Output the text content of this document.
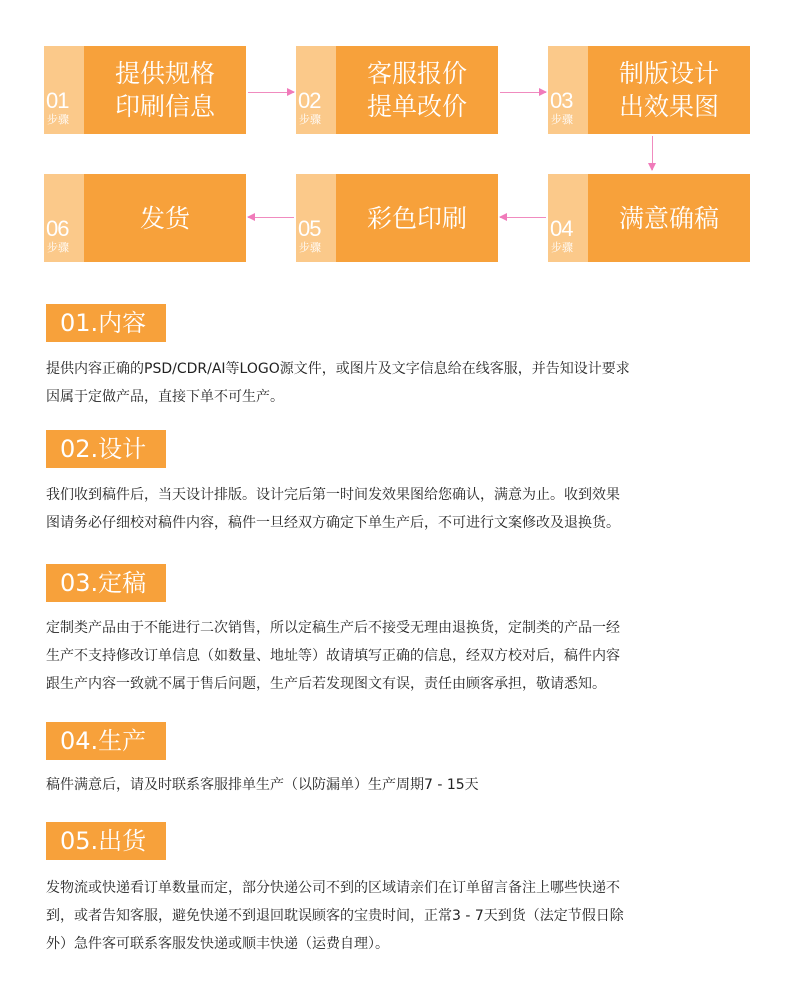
01
步骤
提供规格
印刷信息	02
步骤
客服报价
提单改价	03
步骤
制版设计
出效果图
06
步骤
发货	05
步骤
彩色印刷	04
步骤
满意确稿
01.内容

提供内容正确的PSD/CDR/AI等LOGO源文件，或图片及文字信息给在线客服，并告知设计要求

因属于定做产品，直接下单不可生产。

02.设计

我们收到稿件后，当天设计排版。设计完后第一时间发效果图给您确认，满意为止。收到效果

图请务必仔细校对稿件内容，稿件一旦经双方确定下单生产后，不可进行文案修改及退换货。

03.定稿

定制类产品由于不能进行二次销售，所以定稿生产后不接受无理由退换货，定制类的产品一经

生产不支持修改订单信息（如数量、地址等）故请填写正确的信息，经双方校对后，稿件内容

跟生产内容一致就不属于售后问题，生产后若发现图文有误，责任由顾客承担，敬请悉知。

04.生产

稿件满意后，请及时联系客服排单生产（以防漏单）生产周期7 - 15天

05.出货

发物流或快递看订单数量而定，部分快递公司不到的区域请亲们在订单留言备注上哪些快递不

到，或者告知客服，避免快递不到退回耽误顾客的宝贵时间，正常3 - 7天到货（法定节假日除

外）急件客可联系客服发快递或顺丰快递（运费自理）。
